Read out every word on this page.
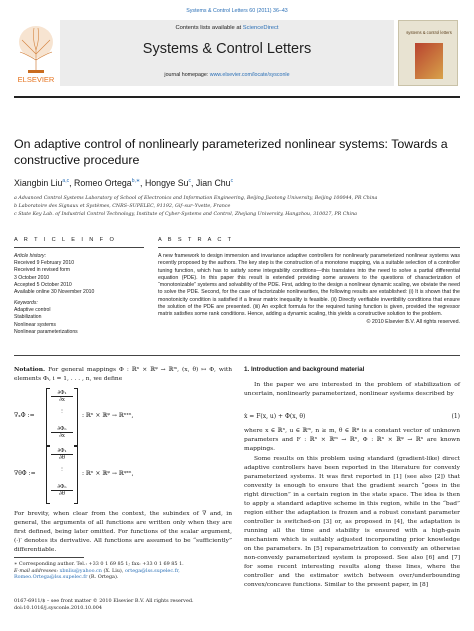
Systems & Control Letters 60 (2011) 36–43
ELSEVIER
Contents lists available at ScienceDirect
Systems & Control Letters
journal homepage: www.elsevier.com/locate/sysconle
systems & control letters
On adaptive control of nonlinearly parameterized nonlinear systems: Towards a constructive procedure
Xiangbin Liu$^{a,c}$, Romeo Ortega$^{b,∗}$, Hongye Su$^c$, Jian Chu$^c$
a Advanced Control Systems Laboratory of School of Electronics and Information Engineering, Beijing Jiaotong University, Beijing 100044, PR China
b Laboratoire des Signaux et Systèmes, CNRS–SUPELEC, 91192, Gif–sur–Yvette, France
c State Key Lab. of Industrial Control Technology, Institute of Cyber-Systems and Control, Zhejiang University, Hangzhou, 310027, PR China
A R T I C L E I N F O	A B S T R A C T
Article history:
Received 9 February 2010
Received in revised form
3 October 2010
Accepted 5 October 2010
Available online 30 November 2010
Keywords:
Adaptive control
Stabilization
Nonlinear systems
Nonlinear parameterizations
A new framework to design immersion and invariance adaptive controllers for nonlinearly parameterized nonlinear systems was recently proposed by the authors. The key step is the construction of a monotone mapping, via a suitable selection of a controller tuning function, which has to satisfy some integrability conditions—this translates into the need to solve a partial differential equation (PDE). In this paper this result is extended providing some answers to the questions of characterization of “monotonizable” systems and solvability of the PDE. First, adding to the design a nonlinear dynamic scaling, we obviate the need to solve the PDE. Second, for the case of factorizable nonlinearities, the following results are established: (i) It is shown that the monotonicity condition is satisfied if a linear matrix inequality is feasible. (ii) Directly verifiable invertibility conditions that ensure the solution of the PDE are presented. (iii) An explicit formula for the required tuning function is given, provided the regressor matrix satisfies some rank conditions. Hence, adding a dynamic scaling, this yields a constructive solution to the problem.
© 2010 Elsevier B.V. All rights reserved.
Notation. For general mappings Φ : ℝⁿ × ℝᵠ → ℝᵐ, (x, θ) ↦ Φ, with elements Φᵢ, i = 1, . . . , n, we define
∇ₓΦ :=
$\frac{\text{∂Φ₁}}{\partial x}$
⋮
$\frac{\text{∂Φₙ}}{\partial x}$
: ℝⁿ × ℝᵠ → ℝⁿˣⁿ,
∇θΦ :=
$\frac{\text{∂Φ₁}}{\partial\theta}$
⋮
$\frac{\text{∂Φₙ}}{\partial\theta}$
: ℝⁿ × ℝᵠ → ℝᵠˣⁿ,
For brevity, when clear from the context, the subindex of ∇ and, in general, the arguments of all functions are written only when they are first defined, being later omitted. For functions of the scalar argument, (·)′ denotes its derivative. All functions are assumed to be “sufficiently” differentiable.
∗ Corresponding author. Tel.: +33 0 1 69 85 1; fax: +33 0 1 69 85 1.
E-mail addresses: xbnliu@yahoo.cn (X. Liu), ortega@lss.supelec.fr,
Romeo.Ortega@lss.supelec.fr (R. Ortega).
0167-6911/$ – see front matter © 2010 Elsevier B.V. All rights reserved.
doi:10.1016/j.sysconle.2010.10.004
1. Introduction and background material
In the paper we are interested in the problem of stabilization of uncertain, nonlinearly parameterized, nonlinear systems described by
ẋ = F(x, u) + Φ(x, θ)	(1)
where x ∈ ℝⁿ, u ∈ ℝᵐ, n ≥ m, θ ∈ ℝᵠ is a constant vector of unknown parameters and F : ℝⁿ × ℝᵐ → ℝⁿ, Φ : ℝⁿ × ℝᵠ → ℝⁿ are known mappings.
Some results on this problem using standard (gradient-like) direct adaptive controllers have been reported in the literature for convexly parameterized systems. It was first reported in [1] (see also [2]) that convexity is enough to ensure that the gradient search “goes in the right direction” in a certain region in the state space. The idea is then to apply a standard adaptive scheme in this region, while in the “bad” region either the adaptation is frozen and a robust constant parameter controller is switched-on [3] or, as proposed in [4], the adaptation is running all the time and stability is ensured with a high-gain mechanism which is suitably adjusted incorporating prior knowledge on the parameters. In [5] reparametrization to convexify an otherwise non-convexly parameterized system is proposed. See also [6] and [7] for some recent interesting results along these lines, where the controller and the estimator switch between over/underbounding convex/concave functions. Similar to the present paper, in [8]
